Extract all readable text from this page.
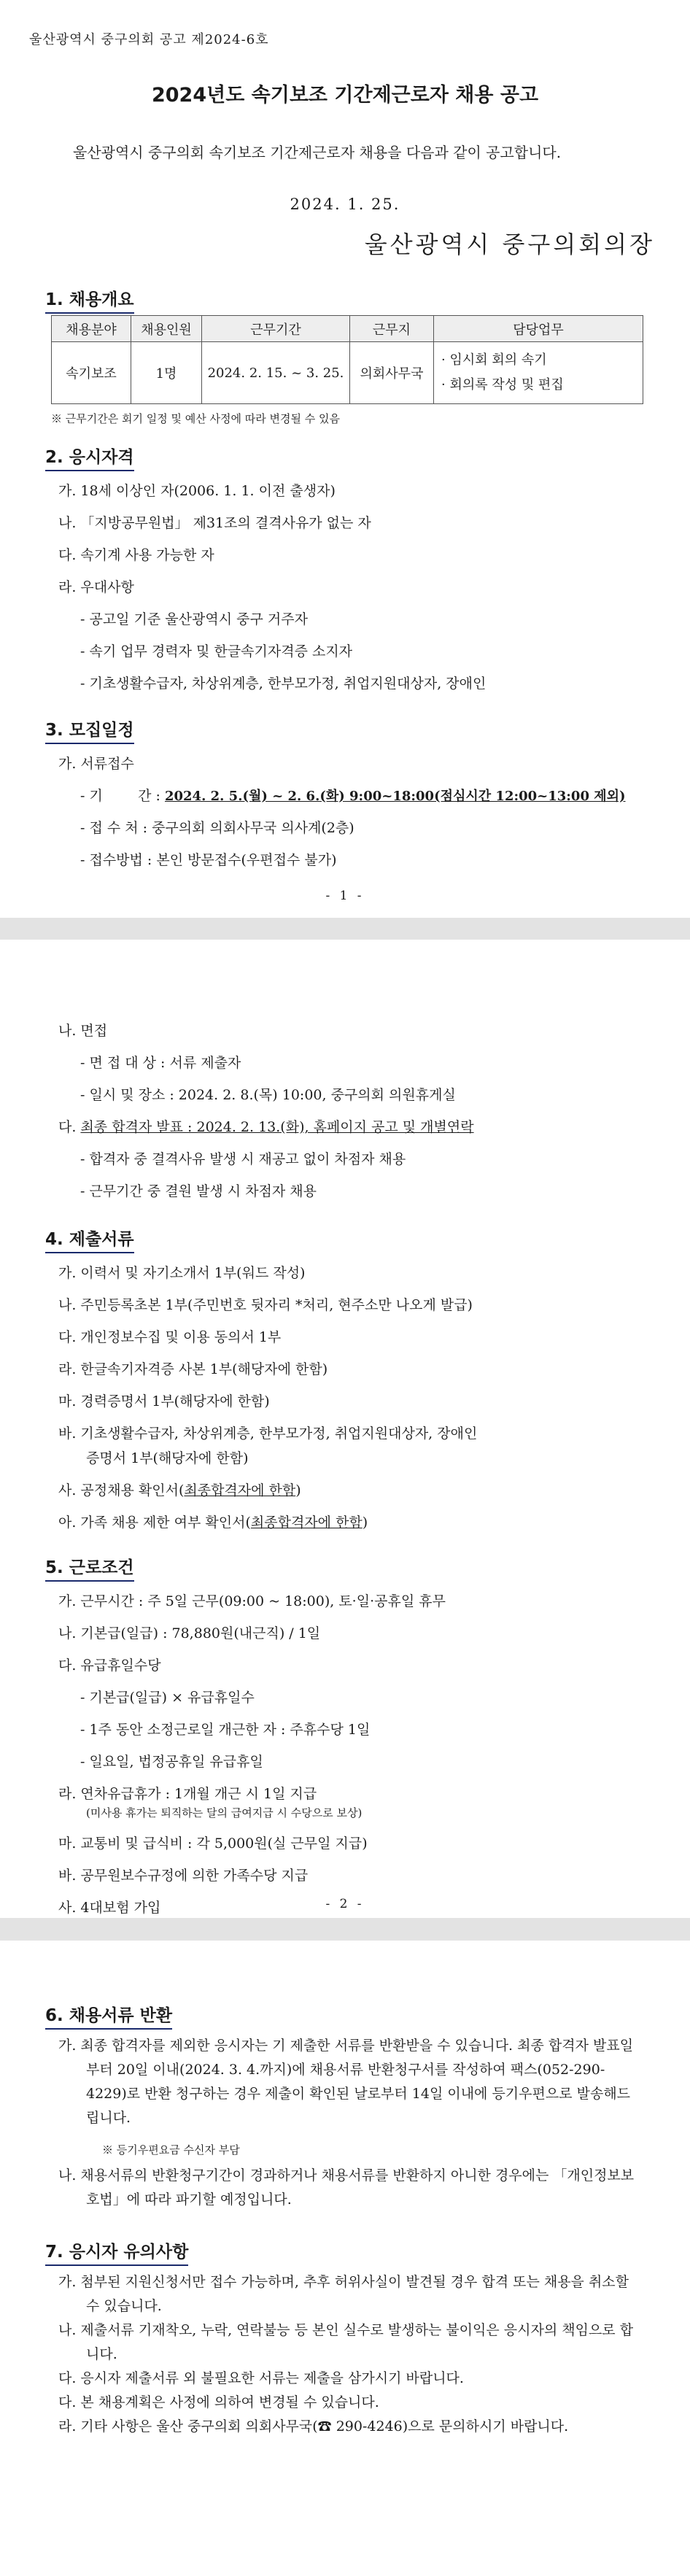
울산광역시 중구의회 공고 제2024-6호
2024년도 속기보조 기간제근로자 채용 공고
울산광역시 중구의회 속기보조 기간제근로자 채용을 다음과 같이 공고합니다.
2024. 1. 25.
울산광역시 중구의회의장
1. 채용개요
채용분야	채용인원	근무기간	근무지	담당업무
속기보조	1명	2024. 2. 15. ~ 3. 25.	의회사무국	· 임시회 회의 속기
· 회의록 작성 및 편집
※ 근무기간은 회기 일정 및 예산 사정에 따라 변경될 수 있음
2. 응시자격
가. 18세 이상인 자(2006. 1. 1. 이전 출생자)
나. 「지방공무원법」 제31조의 결격사유가 없는 자
다. 속기계 사용 가능한 자
라. 우대사항
- 공고일 기준 울산광역시 중구 거주자
- 속기 업무 경력자 및 한글속기자격증 소지자
- 기초생활수급자, 차상위계층, 한부모가정, 취업지원대상자, 장애인
3. 모집일정
가. 서류접수
- 기        간 : 2024. 2. 5.(월) ~ 2. 6.(화) 9:00~18:00(점심시간 12:00~13:00 제외)
- 접 수 처 : 중구의회 의회사무국 의사계(2층)
- 접수방법 : 본인 방문접수(우편접수 불가)
- 1 -
나. 면접
- 면 접 대 상 : 서류 제출자
- 일시 및 장소 : 2024. 2. 8.(목) 10:00, 중구의회 의원휴게실
다. 최종 합격자 발표 : 2024. 2. 13.(화), 홈페이지 공고 및 개별연락
- 합격자 중 결격사유 발생 시 재공고 없이 차점자 채용
- 근무기간 중 결원 발생 시 차점자 채용
4. 제출서류
가. 이력서 및 자기소개서 1부(워드 작성)
나. 주민등록초본 1부(주민번호 뒷자리 *처리, 현주소만 나오게 발급)
다. 개인정보수집 및 이용 동의서 1부
라. 한글속기자격증 사본 1부(해당자에 한함)
마. 경력증명서 1부(해당자에 한함)
바. 기초생활수급자, 차상위계층, 한부모가정, 취업지원대상자, 장애인
증명서 1부(해당자에 한함)
사. 공정채용 확인서(최종합격자에 한함)
아. 가족 채용 제한 여부 확인서(최종합격자에 한함)
5. 근로조건
가. 근무시간 : 주 5일 근무(09:00 ~ 18:00), 토·일·공휴일 휴무
나. 기본급(일급) : 78,880원(내근직) / 1일
다. 유급휴일수당
- 기본급(일급) × 유급휴일수
- 1주 동안 소정근로일 개근한 자 : 주휴수당 1일
- 일요일, 법정공휴일 유급휴일
라. 연차유급휴가 : 1개월 개근 시 1일 지급
(미사용 휴가는 퇴직하는 달의 급여지급 시 수당으로 보상)
마. 교통비 및 급식비 : 각 5,000원(실 근무일 지급)
바. 공무원보수규정에 의한 가족수당 지급
사. 4대보험 가입	- 2 -
6. 채용서류 반환
가. 최종 합격자를 제외한 응시자는 기 제출한 서류를 반환받을 수 있습니다. 최종 합격자 발표일부터 20일 이내(2024. 3. 4.까지)에 채용서류 반환청구서를 작성하여 팩스(052-290-4229)로 반환 청구하는 경우 제출이 확인된 날로부터 14일 이내에 등기우편으로 발송해드립니다.
※ 등기우편요금 수신자 부담
나. 채용서류의 반환청구기간이 경과하거나 채용서류를 반환하지 아니한 경우에는 「개인정보보호법」에 따라 파기할 예정입니다.
7. 응시자 유의사항
가. 첨부된 지원신청서만 접수 가능하며, 추후 허위사실이 발견될 경우 합격 또는 채용을 취소할 수 있습니다.
나. 제출서류 기재착오, 누락, 연락불능 등 본인 실수로 발생하는 불이익은 응시자의 책임으로 합니다.
다. 응시자 제출서류 외 불필요한 서류는 제출을 삼가시기 바랍니다.
다. 본 채용계획은 사정에 의하여 변경될 수 있습니다.
라. 기타 사항은 울산 중구의회 의회사무국(☎ 290-4246)으로 문의하시기 바랍니다.
